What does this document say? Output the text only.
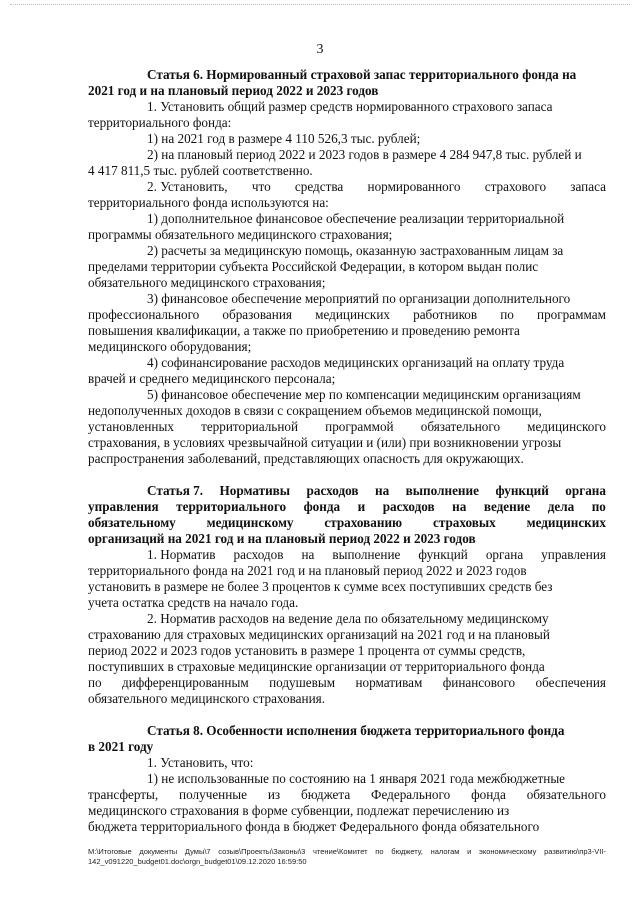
3
Статья 6. Нормированный страховой запас территориального фонда на
2021 год и на плановый период 2022 и 2023 годов
1. Установить общий размер средств нормированного страхового запаса
территориального фонда:
1) на 2021 год в размере 4 110 526,3 тыс. рублей;
2) на плановый период 2022 и 2023 годов в размере 4 284 947,8 тыс. рублей и
4 417 811,5 тыс. рублей соответственно.
2. Установить, что средства нормированного страхового запаса
территориального фонда используются на:
1) дополнительное финансовое обеспечение реализации территориальной
программы обязательного медицинского страхования;
2) расчеты за медицинскую помощь, оказанную застрахованным лицам за
пределами территории субъекта Российской Федерации, в котором выдан полис
обязательного медицинского страхования;
3) финансовое обеспечение мероприятий по организации дополнительного
профессионального образования медицинских работников по программам
повышения квалификации, а также по приобретению и проведению ремонта
медицинского оборудования;
4) софинансирование расходов медицинских организаций на оплату труда
врачей и среднего медицинского персонала;
5) финансовое обеспечение мер по компенсации медицинским организациям
недополученных доходов в связи с сокращением объемов медицинской помощи,
установленных территориальной программой обязательного медицинского
страхования, в условиях чрезвычайной ситуации и (или) при возникновении угрозы
распространения заболеваний, представляющих опасность для окружающих.
Статья 7. Нормативы расходов на выполнение функций органа
управления территориального фонда и расходов на ведение дела по
обязательному медицинскому страхованию страховых медицинских
организаций на 2021 год и на плановый период 2022 и 2023 годов
1. Норматив расходов на выполнение функций органа управления
территориального фонда на 2021 год и на плановый период 2022 и 2023 годов
установить в размере не более 3 процентов к сумме всех поступивших средств без
учета остатка средств на начало года.
2. Норматив расходов на ведение дела по обязательному медицинскому
страхованию для страховых медицинских организаций на 2021 год и на плановый
период 2022 и 2023 годов установить в размере 1 процента от суммы средств,
поступивших в страховые медицинские организации от территориального фонда
по дифференцированным подушевым нормативам финансового обеспечения
обязательного медицинского страхования.
Статья 8. Особенности исполнения бюджета территориального фонда
в 2021 году
1. Установить, что:
1) не использованные по состоянию на 1 января 2021 года межбюджетные
трансферты, полученные из бюджета Федерального фонда обязательного
медицинского страхования в форме субвенции, подлежат перечислению из
бюджета территориального фонда в бюджет Федерального фонда обязательного
M:\Итоговые документы Думы\7 созыв\Проекты\Законы\3 чтение\Комитет по бюджету, налогам и экономическому развитию\пр3-VII-
142_v091220_budget01.doc\orgn_budget01\09.12.2020 16:59:50
